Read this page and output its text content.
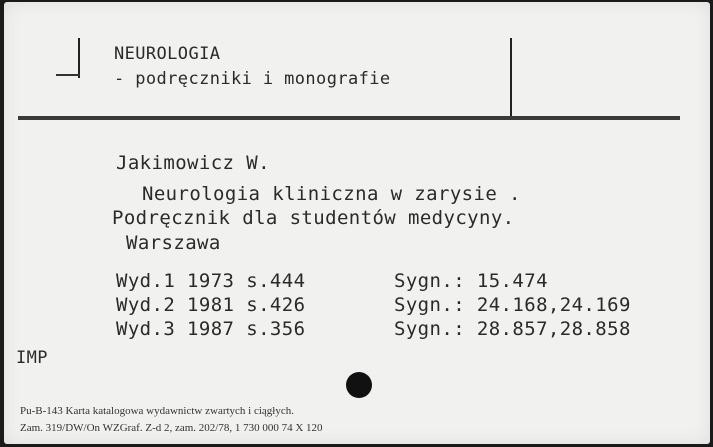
NEUROLOGIA
- podręczniki i monografie
Jakimowicz W.
Neurologia kliniczna w zarysie .
Podręcznik dla studentów medycyny.
Warszawa
Wyd.1 1973 s.444	Sygn.: 15.474
Wyd.2 1981 s.426	Sygn.: 24.168,24.169
Wyd.3 1987 s.356	Sygn.: 28.857,28.858
IMP
Pu-B-143 Karta katalogowa wydawnictw zwartych i ciągłych.
Zam. 319/DW/On WZGraf. Z-d 2, zam. 202/78, 1 730 000 74 X 120
